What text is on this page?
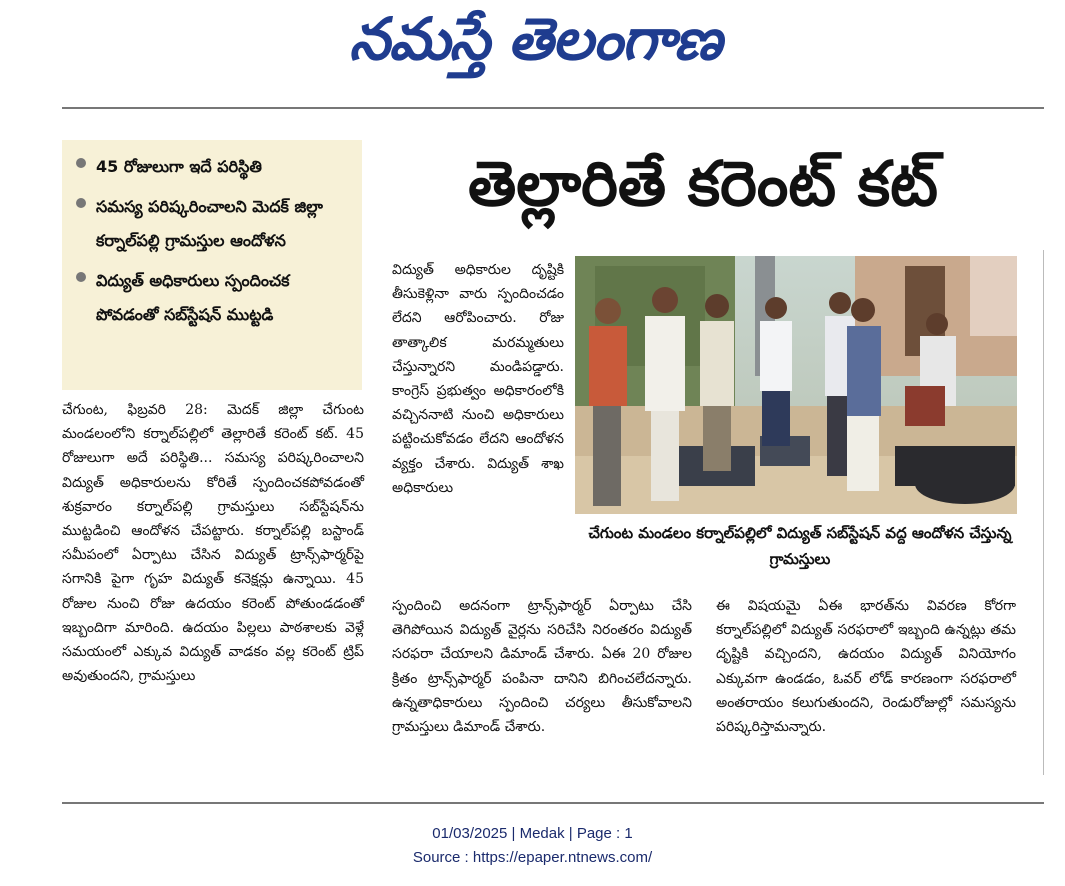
నమస్తే తెలంగాణ
45 రోజులుగా ఇదే పరిస్థితి
సమస్య పరిష్కరించాలని మెదక్ జిల్లా కర్నాల్‌పల్లి గ్రామస్తుల ఆందోళన
విద్యుత్ అధికారులు స్పందించక పోవడంతో సబ్‌స్టేషన్ ముట్టడి
తెల్లారితే కరెంట్ కట్
చేగుంట, ఫిబ్రవరి 28: మెదక్ జిల్లా చేగుంట మండలంలోని కర్నాల్‌పల్లిలో తెల్లారితే కరెంట్ కట్. 45 రోజులుగా అదే పరిస్థితి... సమస్య పరిష్కరించాలని విద్యుత్ అధికారులను కోరితే స్పందించకపోవడంతో శుక్రవారం కర్నాల్‌పల్లి గ్రామస్తులు సబ్‌స్టేషన్‌ను ముట్టడించి ఆందోళన చేపట్టారు. కర్నాల్‌పల్లి బస్టాండ్ సమీపంలో ఏర్పాటు చేసిన విద్యుత్ ట్రాన్స్‌ఫార్మర్‌పై సగానికి పైగా గృహ విద్యుత్ కనెక్షన్లు ఉన్నాయి. 45 రోజుల నుంచి రోజు ఉదయం కరెంట్ పోతుండడంతో ఇబ్బందిగా మారింది. ఉదయం పిల్లలు పాఠశాలకు వెళ్లే సమయంలో ఎక్కువ విద్యుత్ వాడకం వల్ల కరెంట్ ట్రిప్ అవుతుందని, గ్రామస్తులు
విద్యుత్ అధికారుల దృష్టికి తీసుకెళ్లినా వారు స్పందించడం లేదని ఆరోపించారు. రోజు తాత్కాలిక మరమ్మతులు చేస్తున్నారని మండిపడ్డారు. కాంగ్రెస్ ప్రభుత్వం అధికారంలోకి వచ్చిననాటి నుంచి అధికారులు పట్టించుకోవడం లేదని ఆందోళన వ్యక్తం చేశారు. విద్యుత్ శాఖ అధికారులు
చేగుంట మండలం కర్నాల్‌పల్లిలో విద్యుత్ సబ్‌స్టేషన్ వద్ద ఆందోళన చేస్తున్న గ్రామస్తులు
స్పందించి అదనంగా ట్రాన్స్‌ఫార్మర్ ఏర్పాటు చేసి తెగిపోయిన విద్యుత్ వైర్లను సరిచేసి నిరంతరం విద్యుత్ సరఫరా చేయాలని డిమాండ్ చేశారు. ఏఈ 20 రోజుల క్రితం ట్రాన్స్‌ఫార్మర్ పంపినా దానిని బిగించలేదన్నారు. ఉన్నతాధికారులు స్పందించి చర్యలు తీసుకోవాలని గ్రామస్తులు డిమాండ్ చేశారు.
ఈ విషయమై ఏఈ భారత్‌ను వివరణ కోరగా కర్నాల్‌పల్లిలో విద్యుత్ సరఫరాలో ఇబ్బంది ఉన్నట్లు తమ దృష్టికి వచ్చిందని, ఉదయం విద్యుత్ వినియోగం ఎక్కువగా ఉండడం, ఓవర్ లోడ్ కారణంగా సరఫరాలో అంతరాయం కలుగుతుందని, రెండురోజుల్లో సమస్యను పరిష్కరిస్తామన్నారు.
01/03/2025 | Medak | Page : 1
Source : https://epaper.ntnews.com/
